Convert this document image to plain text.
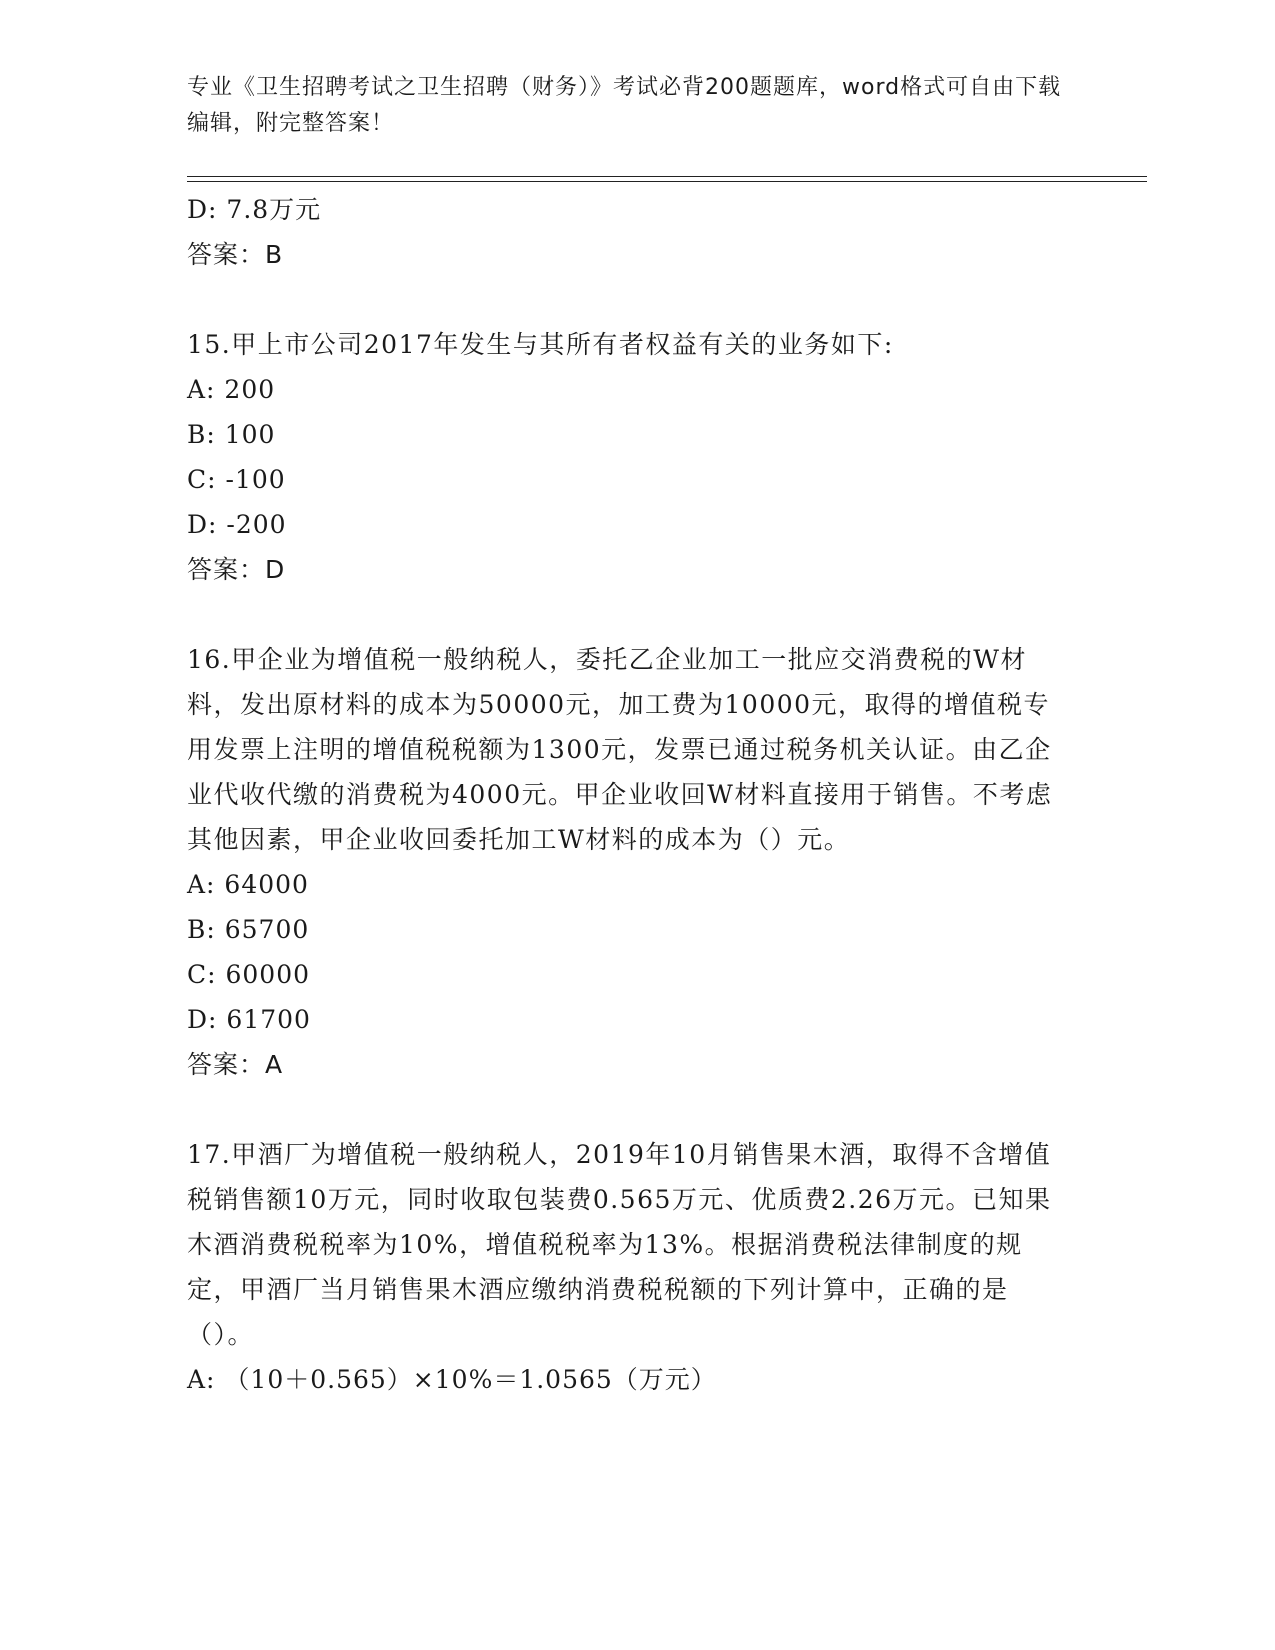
专业《卫生招聘考试之卫生招聘（财务）》考试必背200题题库，word格式可自由下载编辑，附完整答案！
D: 7.8万元
答案：B
15.甲上市公司2017年发生与其所有者权益有关的业务如下:
A: 200
B: 100
C: -100
D: -200
答案：D
16.甲企业为增值税一般纳税人，委托乙企业加工一批应交消费税的W材料，发出原材料的成本为50000元，加工费为10000元，取得的增值税专用发票上注明的增值税税额为1300元，发票已通过税务机关认证。由乙企业代收代缴的消费税为4000元。甲企业收回W材料直接用于销售。不考虑其他因素，甲企业收回委托加工W材料的成本为（）元。
A: 64000
B: 65700
C: 60000
D: 61700
答案：A
17.甲酒厂为增值税一般纳税人，2019年10月销售果木酒，取得不含增值税销售额10万元，同时收取包装费0.565万元、优质费2.26万元。已知果木酒消费税税率为10%，增值税税率为13%。根据消费税法律制度的规定，甲酒厂当月销售果木酒应缴纳消费税税额的下列计算中，正确的是（）。
A: （10＋0.565）×10%＝1.0565（万元）
